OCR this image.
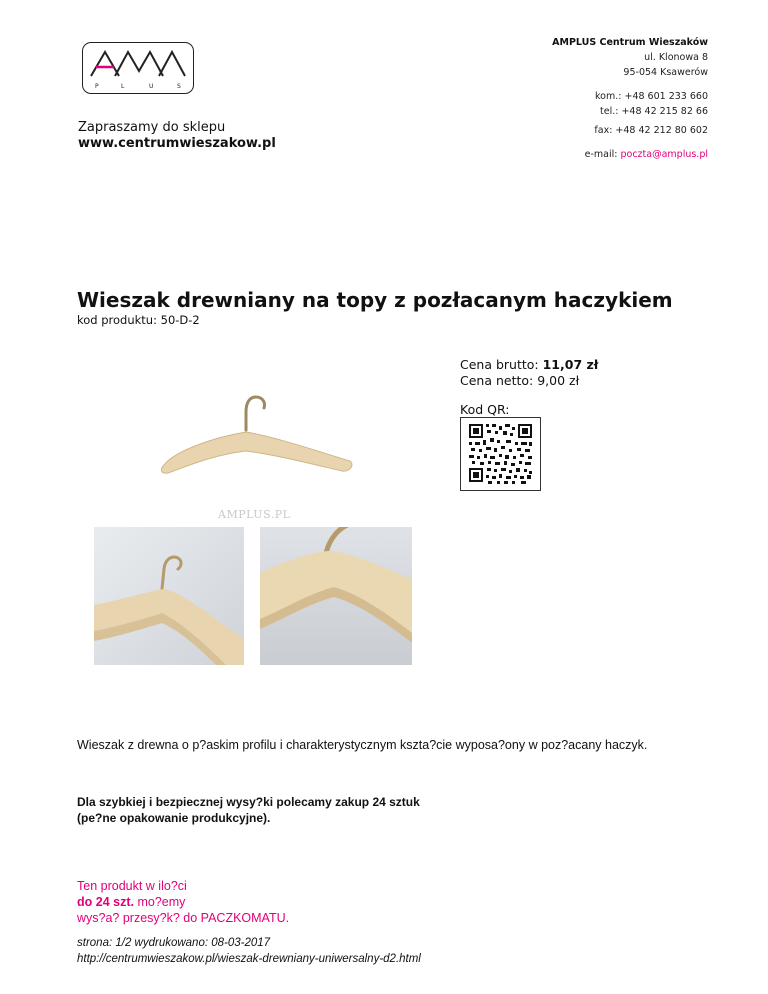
P	L	U	S
AMPLUS Centrum Wieszaków
ul. Klonowa 8
95-054 Ksawerów
kom.: +48 601 233 660
tel.: +48 42 215 82 66
fax: +48 42 212 80 602
e-mail: poczta@amplus.pl
Zapraszamy do sklepu
www.centrumwieszakow.pl
Wieszak drewniany na topy z pozłacanym haczykiem
kod produktu: 50-D-2
AMPLUS.PL
Cena brutto: 11,07 zł
Cena netto: 9,00 zł
Kod QR:
Wieszak z drewna o p?askim profilu i charakterystycznym kszta?cie wyposa?ony w poz?acany haczyk.
Dla szybkiej i bezpiecznej wysy?ki polecamy zakup 24 sztuk
(pe?ne opakowanie produkcyjne).
Ten produkt w ilo?ci
do 24 szt. mo?emy
wys?a? przesy?k? do PACZKOMATU.
strona: 1/2 wydrukowano: 08-03-2017
http://centrumwieszakow.pl/wieszak-drewniany-uniwersalny-d2.html
